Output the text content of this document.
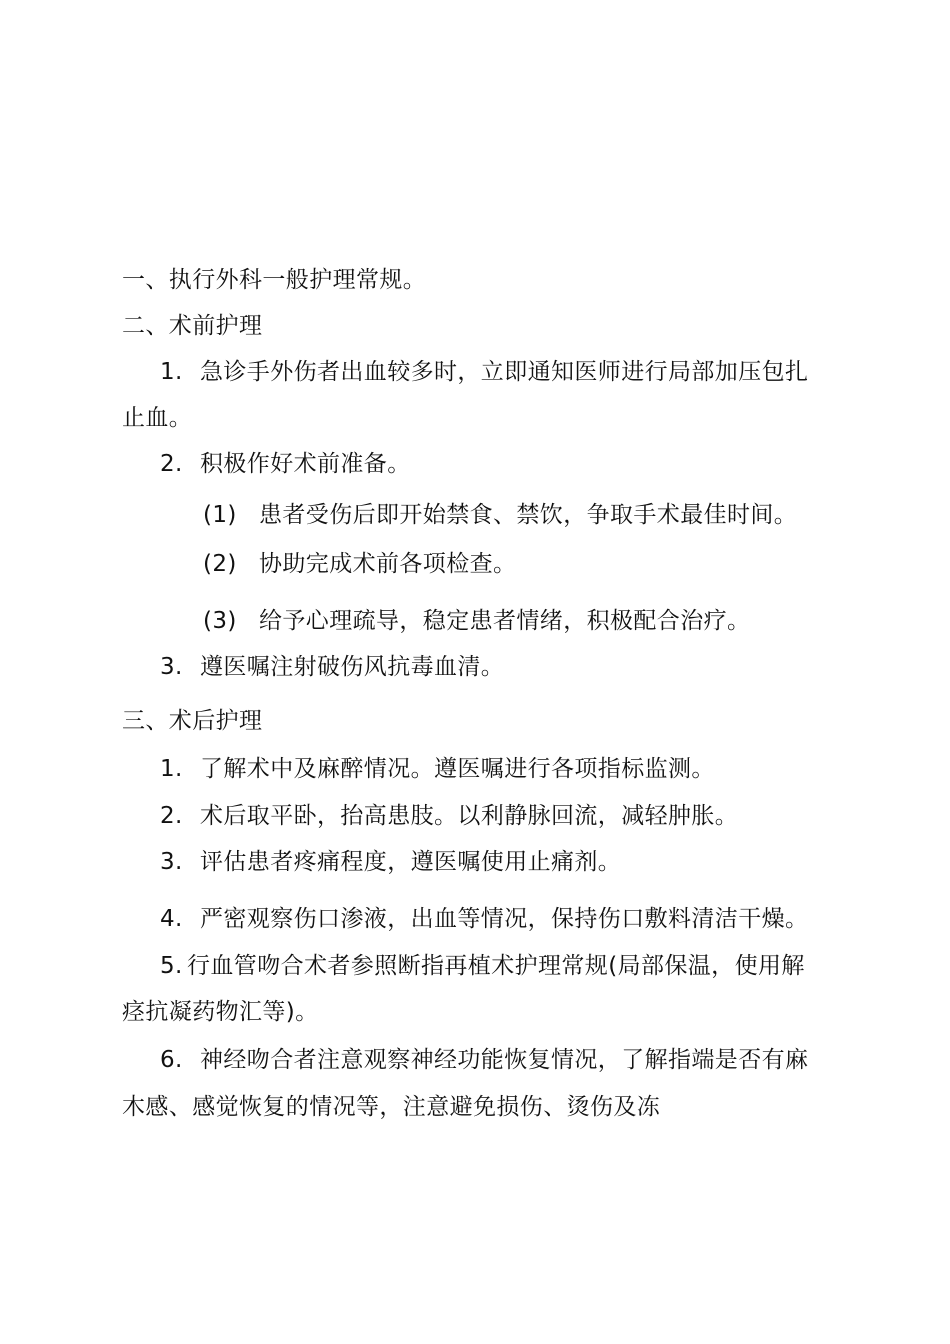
一、执行外科一般护理常规。
二、术前护理
1. 急诊手外伤者出血较多时，立即通知医师进行局部加压包扎
止血。
2. 积极作好术前准备。
(1) 患者受伤后即开始禁食、禁饮，争取手术最佳时间。
(2) 协助完成术前各项检查。
(3) 给予心理疏导，稳定患者情绪，积极配合治疗。
3. 遵医嘱注射破伤风抗毒血清。
三、术后护理
1. 了解术中及麻醉情况。遵医嘱进行各项指标监测。
2. 术后取平卧，抬高患肢。以利静脉回流，减轻肿胀。
3. 评估患者疼痛程度，遵医嘱使用止痛剂。
4. 严密观察伤口渗液，出血等情况，保持伤口敷料清洁干燥。
5. 行血管吻合术者参照断指再植术护理常规(局部保温，使用解
痉抗凝药物汇等)。
6. 神经吻合者注意观察神经功能恢复情况，了解指端是否有麻
木感、感觉恢复的情况等，注意避免损伤、烫伤及冻
